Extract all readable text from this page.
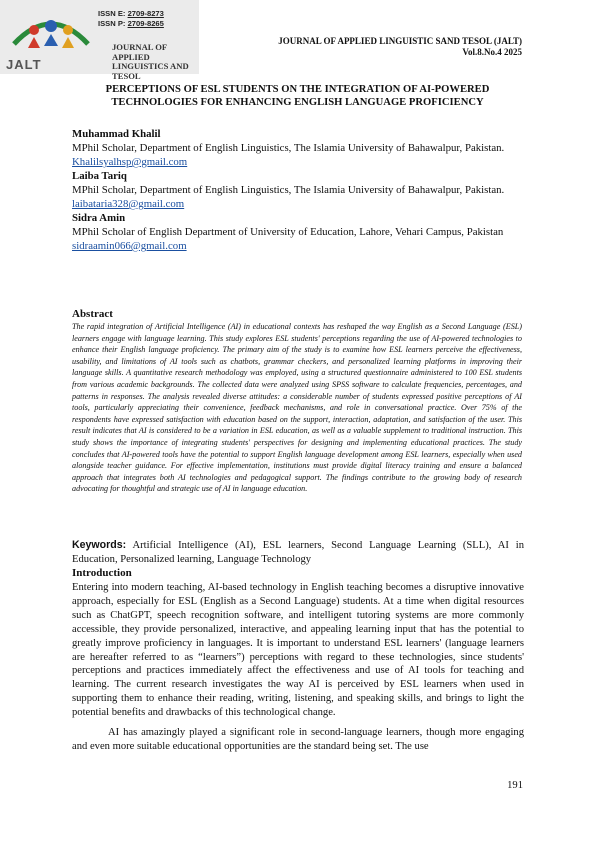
ISSN E: 2709-8273
ISSN P: 2709-8265
JOURNAL OF APPLIED
LINGUISTICS AND
TESOL
JALT
JOURNAL OF APPLIED LINGUISTIC SAND TESOL (JALT)
Vol.8.No.4 2025
PERCEPTIONS OF ESL STUDENTS ON THE INTEGRATION OF AI-POWERED
TECHNOLOGIES FOR ENHANCING ENGLISH LANGUAGE PROFICIENCY
Muhammad Khalil
MPhil Scholar, Department of English Linguistics, The Islamia University of Bahawalpur, Pakistan.
Khalilsyalhsp@gmail.com
Laiba Tariq
MPhil Scholar, Department of English Linguistics, The Islamia University of Bahawalpur, Pakistan.
laibataria328@gmail.com
Sidra Amin
MPhil Scholar of English Department of University of Education, Lahore, Vehari Campus, Pakistan
sidraamin066@gmail.com
Abstract
The rapid integration of Artificial Intelligence (AI) in educational contexts has reshaped the way English as a Second Language (ESL) learners engage with language learning. This study explores ESL students' perceptions regarding the use of AI-powered technologies to enhance their English language proficiency. The primary aim of the study is to examine how ESL learners perceive the effectiveness, usability, and limitations of AI tools such as chatbots, grammar checkers, and personalized learning platforms in improving their language skills. A quantitative research methodology was employed, using a structured questionnaire administered to 100 ESL students from various academic backgrounds. The collected data were analyzed using SPSS software to calculate frequencies, percentages, and patterns in responses. The analysis revealed diverse attitudes: a considerable number of students expressed positive perceptions of AI tools, particularly appreciating their convenience, feedback mechanisms, and role in conversational practice. Over 75% of the respondents have expressed satisfaction with education based on the support, interaction, adaptation, and satisfaction of the user. This result indicates that AI is considered to be a variation in ESL education, as well as a valuable supplement to traditional instruction. This study shows the importance of integrating students' perspectives for designing and implementing educational practices. The study concludes that AI-powered tools have the potential to support English language development among ESL learners, especially when used alongside teacher guidance. For effective implementation, institutions must provide digital literacy training and ensure a balanced approach that integrates both AI technologies and pedagogical support. The findings contribute to the growing body of research advocating for thoughtful and strategic use of AI in language education.
Keywords: Artificial Intelligence (AI), ESL learners, Second Language Learning (SLL), AI in Education, Personalized learning, Language Technology
Introduction

Entering into modern teaching, AI-based technology in English teaching becomes a disruptive innovative approach, especially for ESL (English as a Second Language) students. At a time when digital resources such as ChatGPT, speech recognition software, and intelligent tutoring systems are more commonly accessible, they provide personalized, interactive, and appealing learning input that has the potential to greatly improve proficiency in languages. It is important to understand ESL learners' (language learners are hereafter referred to as “learners”) perceptions with regard to these technologies, since students' perceptions and practices immediately affect the effectiveness and use of AI tools for teaching and learning. The current research investigates the way AI is perceived by ESL learners when used in supporting them to enhance their reading, writing, listening, and speaking skills, and brings to light the potential benefits and drawbacks of this technological change.

AI has amazingly played a significant role in second-language learners, though more engaging and even more suitable educational opportunities are the standard being set. The use

191
